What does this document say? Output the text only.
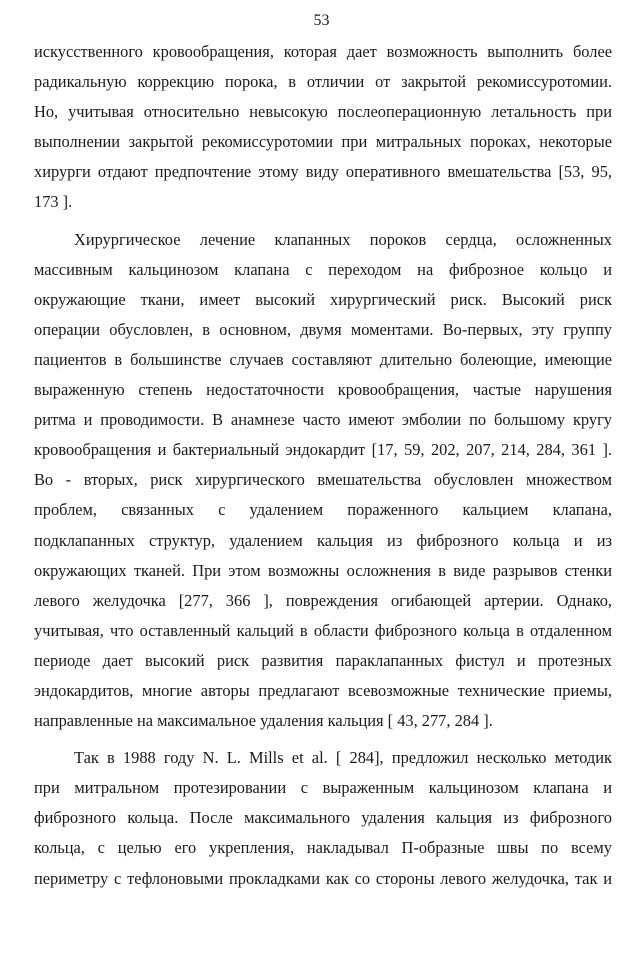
53
искусственного кровообращения, которая дает возможность выполнить более
радикальную коррекцию порока, в отличии от закрытой рекомиссуротомии.
Но, учитывая относительно невысокую послеоперационную летальность при
выполнении закрытой рекомиссуротомии при митральных пороках, некоторые
хирурги отдают предпочтение этому виду оперативного вмешательства [53, 95,
173 ].
Хирургическое лечение клапанных пороков сердца, осложненных
массивным кальцинозом клапана с переходом на фиброзное кольцо и
окружающие ткани, имеет высокий хирургический риск. Высокий риск
операции обусловлен, в основном, двумя моментами. Во-первых, эту группу
пациентов в большинстве случаев составляют длительно болеющие, имеющие
выраженную степень недостаточности кровообращения, частые нарушения
ритма и проводимости. В анамнезе часто имеют эмболии по большому кругу
кровообращения и бактериальный эндокардит [17, 59, 202, 207, 214, 284, 361 ].
Во - вторых, риск хирургического вмешательства обусловлен множеством
проблем, связанных с удалением пораженного кальцием клапана,
подклапанных структур, удалением кальция из фиброзного кольца и из
окружающих тканей. При этом возможны осложнения в виде разрывов стенки
левого желудочка [277, 366 ], повреждения огибающей артерии. Однако,
учитывая, что оставленный кальций в области фиброзного кольца в отдаленном
периоде дает высокий риск развития параклапанных фистул и протезных
эндокардитов, многие авторы предлагают всевозможные технические приемы,
направленные на максимальное удаления кальция [ 43, 277, 284 ].
Так в 1988 году N. L. Mills et al. [ 284], предложил несколько методик
при митральном протезировании с выраженным кальцинозом клапана и
фиброзного кольца. После максимального удаления кальция из фиброзного
кольца, с целью его укрепления, накладывал П-образные швы по всему
периметру с тефлоновыми прокладками как со стороны левого желудочка, так и
